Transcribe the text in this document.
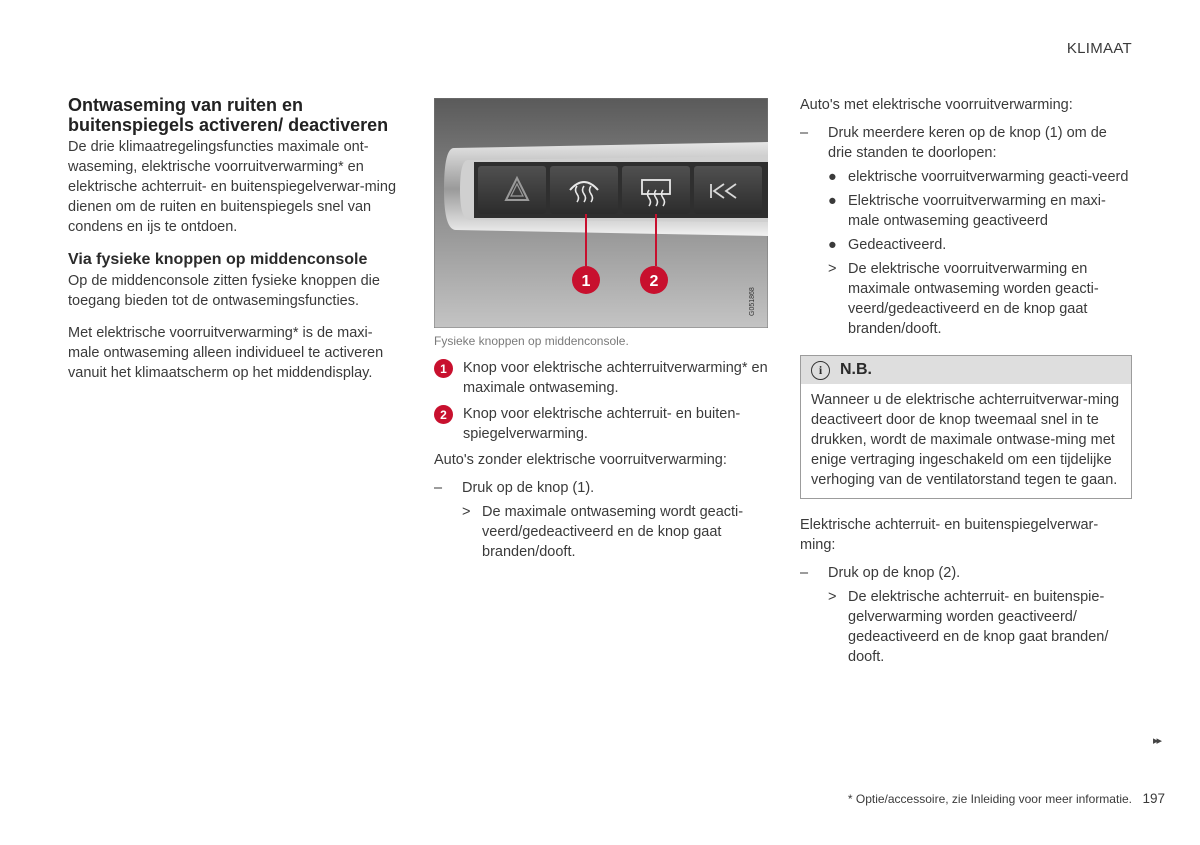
KLIMAAT
Ontwaseming van ruiten en buitenspiegels activeren/ deactiveren

De drie klimaatregelingsfuncties maximale ont-waseming, elektrische voorruitverwarming* en elektrische achterruit- en buitenspiegelverwar-ming dienen om de ruiten en buitenspiegels snel van condens en ijs te ontdoen.

Via fysieke knoppen op middenconsole

Op de middenconsole zitten fysieke knoppen die toegang bieden tot de ontwasemingsfuncties.

Met elektrische voorruitverwarming* is de maxi-male ontwaseming alleen individueel te activeren vanuit het klimaatscherm op het middendisplay.

1	2
G051868
Fysieke knoppen op middenconsole.
1	Knop voor elektrische achterruitverwarming* en maximale ontwaseming.
2	Knop voor elektrische achterruit- en buiten-spiegelverwarming.

Auto's zonder elektrische voorruitverwarming:

–	Druk op de knop (1).
> De maximale ontwaseming wordt geacti-veerd/gedeactiveerd en de knop gaat branden/dooft.

Auto's met elektrische voorruitverwarming:

–	Druk meerdere keren op de knop (1) om de drie standen te doorlopen:
● elektrische voorruitverwarming geacti-veerd
● Elektrische voorruitverwarming en maxi-male ontwaseming geactiveerd
● Gedeactiveerd.
> De elektrische voorruitverwarming en maximale ontwaseming worden geacti-veerd/gedeactiveerd en de knop gaat branden/dooft.
i	N.B.
Wanneer u de elektrische achterruitverwar-ming deactiveert door de knop tweemaal snel in te drukken, wordt de maximale ontwase-ming met enige vertraging ingeschakeld om een tijdelijke verhoging van de ventilatorstand tegen te gaan.

Elektrische achterruit- en buitenspiegelverwar-ming:

–	Druk op de knop (2).
> De elektrische achterruit- en buitenspie-gelverwarming worden geactiveerd/ gedeactiveerd en de knop gaat branden/ dooft.
▸▸
* Optie/accessoire, zie Inleiding voor meer informatie. 197
